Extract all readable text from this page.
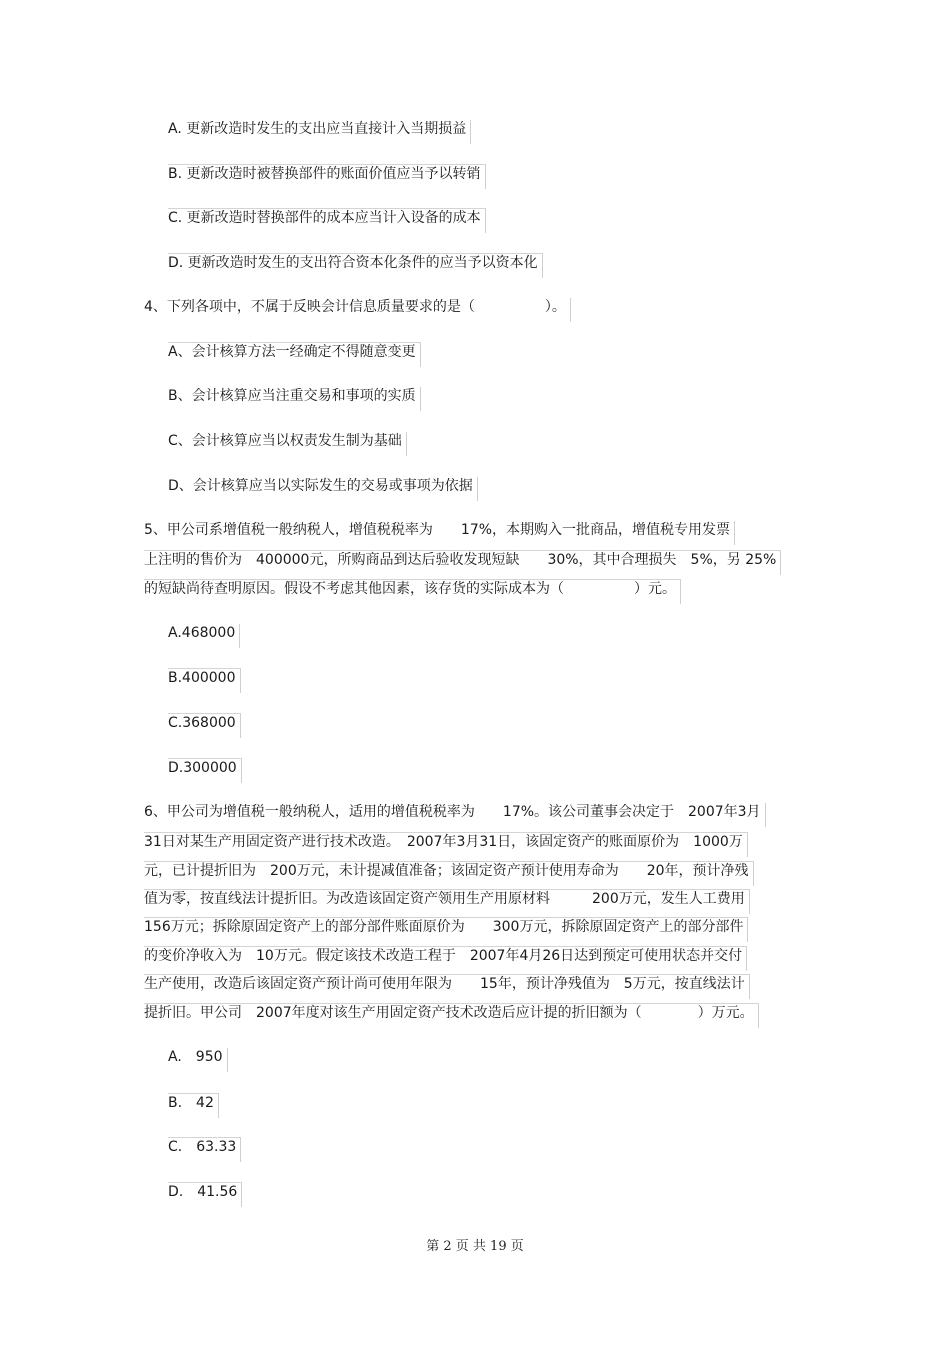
A. 更新改造时发生的支出应当直接计入当期损益
B. 更新改造时被替换部件的账面价值应当予以转销
C. 更新改造时替换部件的成本应当计入设备的成本
D. 更新改造时发生的支出符合资本化条件的应当予以资本化
4、下列各项中，不属于反映会计信息质量要求的是（　　　　　）。
A、会计核算方法一经确定不得随意变更
B、会计核算应当注重交易和事项的实质
C、会计核算应当以权责发生制为基础
D、会计核算应当以实际发生的交易或事项为依据
5、甲公司系增值税一般纳税人，增值税税率为　　17%，本期购入一批商品，增值税专用发票
上注明的售价为　400000元，所购商品到达后验收发现短缺　　30%，其中合理损失　5%，另 25%
的短缺尚待查明原因。假设不考虑其他因素，该存货的实际成本为（　　　　　）元。
A.468000
B.400000
C.368000
D.300000
6、甲公司为增值税一般纳税人，适用的增值税税率为　　17%。该公司董事会决定于　2007年3月
31日对某生产用固定资产进行技术改造。　2007年3月31日，该固定资产的账面原价为　1000万
元，已计提折旧为　200万元，未计提减值准备；该固定资产预计使用寿命为　　20年，预计净残
值为零，按直线法计提折旧。为改造该固定资产领用生产用原材料　　　200万元，发生人工费用
156万元；拆除原固定资产上的部分部件账面原价为　　300万元，拆除原固定资产上的部分部件
的变价净收入为　10万元。假定该技术改造工程于　2007年4月26日达到预定可使用状态并交付
生产使用，改造后该固定资产预计尚可使用年限为　　15年，预计净残值为　5万元，按直线法计
提折旧。甲公司　2007年度对该生产用固定资产技术改造后应计提的折旧额为（　　　　）万元。
A.　950
B.　42
C.　63.33
D.　41.56
第 2 页 共 19 页
